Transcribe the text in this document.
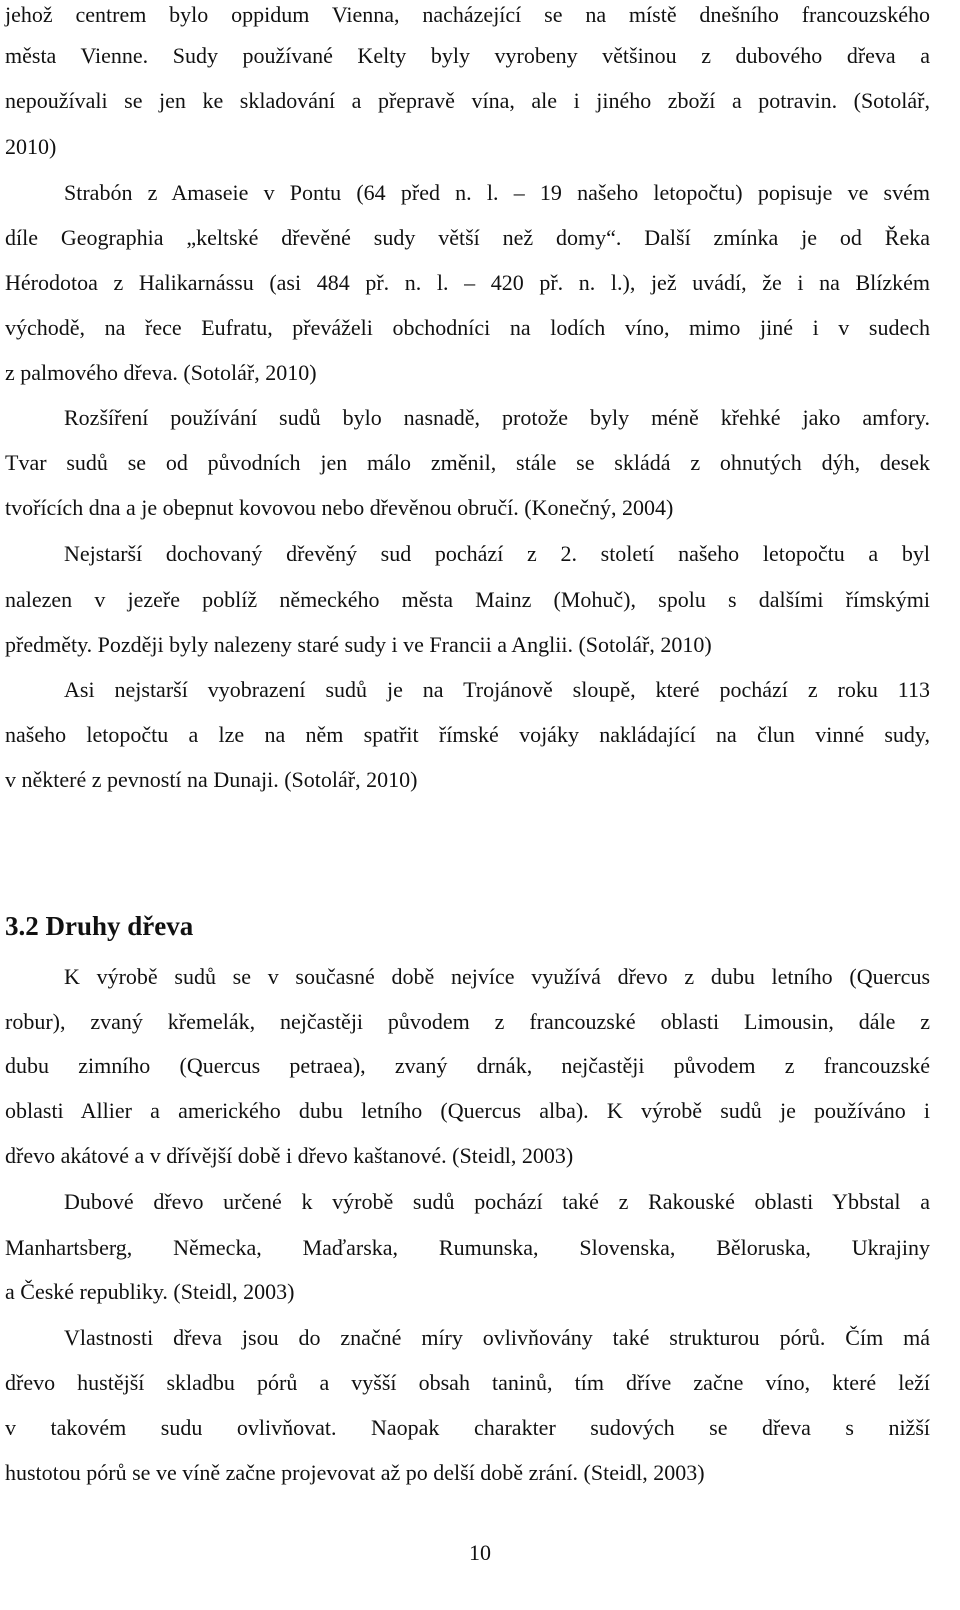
jehož centrem bylo oppidum Vienna, nacházející se na místě dnešního francouzského
města Vienne. Sudy používané Kelty byly vyrobeny většinou z dubového dřeva a
nepoužívali se jen ke skladování a přepravě vína, ale i jiného zboží a potravin. (Sotolář,
2010)
Strabón z Amaseie v Pontu (64 před n. l. – 19 našeho letopočtu) popisuje ve svém
díle Geographia „keltské dřevěné sudy větší než domy“. Další zmínka je od Řeka
Hérodotoa z Halikarnássu (asi 484 př. n. l. – 420 př. n. l.), jež uvádí, že i na Blízkém
východě, na řece Eufratu, převáželi obchodníci na lodích víno, mimo jiné i v sudech
z palmového dřeva. (Sotolář, 2010)
Rozšíření používání sudů bylo nasnadě, protože byly méně křehké jako amfory.
Tvar sudů se od původních jen málo změnil, stále se skládá z ohnutých dýh, desek
tvořících dna a je obepnut kovovou nebo dřevěnou obručí. (Konečný, 2004)
Nejstarší dochovaný dřevěný sud pochází z 2. století našeho letopočtu a byl
nalezen v jezeře poblíž německého města Mainz (Mohuč), spolu s dalšími římskými
předměty. Později byly nalezeny staré sudy i ve Francii a Anglii. (Sotolář, 2010)
Asi nejstarší vyobrazení sudů je na Trojánově sloupě, které pochází z roku 113
našeho letopočtu a lze na něm spatřit římské vojáky nakládající na člun vinné sudy,
v některé z pevností na Dunaji. (Sotolář, 2010)
3.2 Druhy dřeva
K výrobě sudů se v současné době nejvíce využívá dřevo z dubu letního (Quercus
robur), zvaný křemelák, nejčastěji původem z francouzské oblasti Limousin, dále z
dubu zimního (Quercus petraea), zvaný drnák, nejčastěji původem z francouzské
oblasti Allier a amerického dubu letního (Quercus alba). K výrobě sudů je používáno i
dřevo akátové a v dřívější době i dřevo kaštanové. (Steidl, 2003)
Dubové dřevo určené k výrobě sudů pochází také z Rakouské oblasti Ybbstal a
Manhartsberg, Německa, Maďarska, Rumunska, Slovenska, Běloruska, Ukrajiny
a České republiky. (Steidl, 2003)
Vlastnosti dřeva jsou do značné míry ovlivňovány také strukturou pórů. Čím má
dřevo hustější skladbu pórů a vyšší obsah taninů, tím dříve začne víno, které leží
v takovém sudu ovlivňovat. Naopak charakter sudových se dřeva s nižší
hustotou pórů se ve víně začne projevovat až po delší době zrání. (Steidl, 2003)
10
